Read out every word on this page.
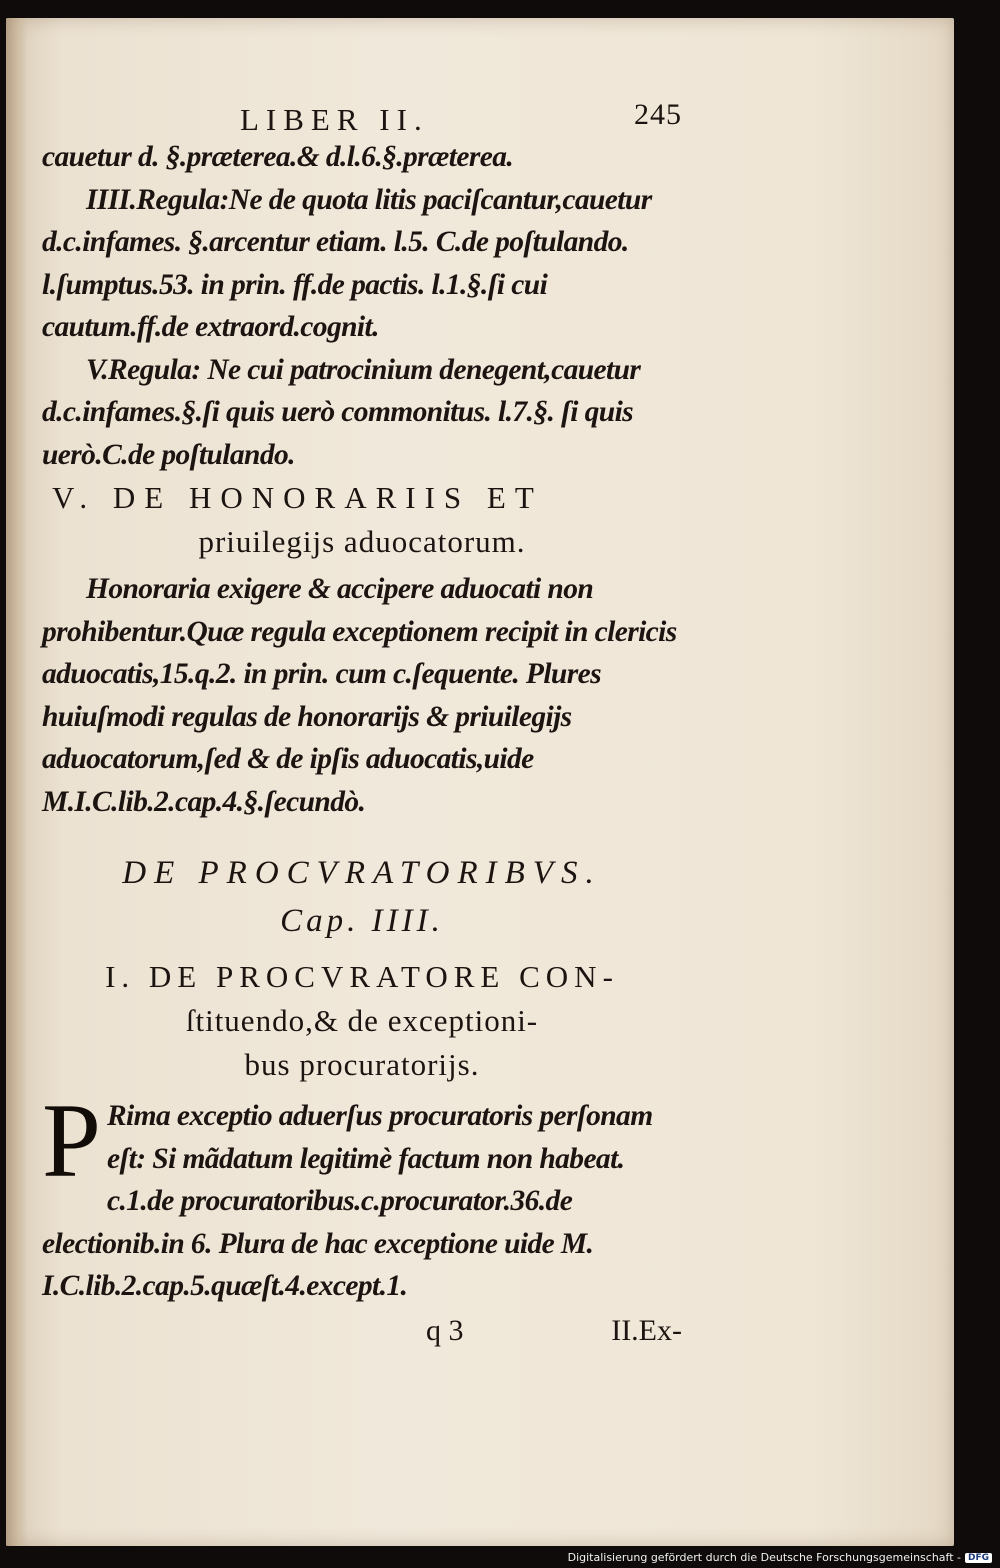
LIBER II.	245

cauetur d. §.præterea.& d.l.6.§.præterea.

IIII.Regula:Ne de quota litis paciſcantur,cauetur d.c.infames. §.arcentur etiam. l.5. C.de poſtulando. l.ſumptus.53. in prin. ff.de pactis. l.1.§.ſi cui cautum.ff.de extraord.cognit.

V.Regula: Ne cui patrocinium denegent,cauetur d.c.infames.§.ſi quis uerò commonitus. l.7.§. ſi quis uerò.C.de poſtulando.

V. DE HONORARIIS ET
priuilegijs aduocatorum.

Honoraria exigere & accipere aduocati non prohibentur.Quæ regula exceptionem recipit in clericis aduocatis,15.q.2. in prin. cum c.ſequente. Plures huiuſmodi regulas de honorarijs & priuilegijs aduocatorum,ſed & de ipſis aduocatis,uide M.I.C.lib.2.cap.4.§.ſecundò.

DE PROCVRATORIBVS.
Cap. IIII.
I. DE PROCVRATORE CON-
ſtituendo,& de exceptioni-
bus procuratorijs.
P Rima exceptio aduerſus procuratoris perſonam eſt: Si mãdatum legitimè factum non habeat. c.1.de procuratoribus.c.procurator.36.de electionib.in 6. Plura de hac exceptione uide M. I.C.lib.2.cap.5.quæſt.4.except.1.

q 3	II.Ex-
Digitalisierung gefördert durch die Deutsche Forschungsgemeinschaft - DFG
